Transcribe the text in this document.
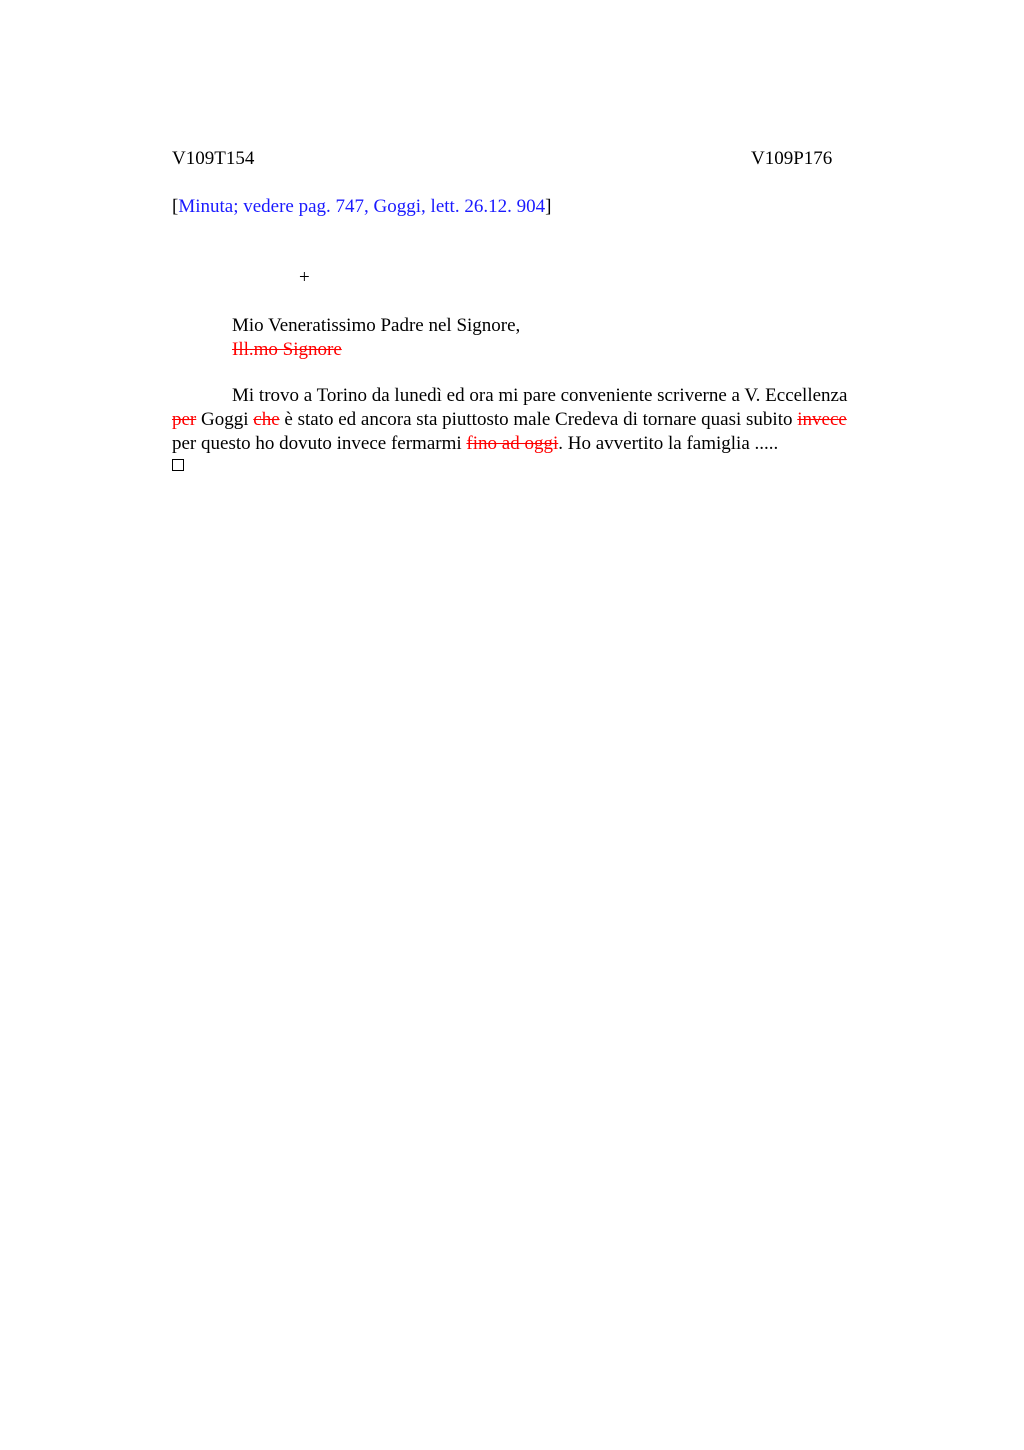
V109T154	V109P176
[Minuta; vedere pag. 747, Goggi, lett. 26.12. 904]
+
Mio Veneratissimo Padre nel Signore,
Ill.mo Signore
Mi trovo a Torino da lunedì ed ora mi pare conveniente scriverne a V. Eccellenza
per Goggi che è stato ed ancora sta piuttosto male Credeva di tornare quasi subito invece
per questo ho dovuto invece fermarmi fino ad oggi. Ho avvertito la famiglia .....
